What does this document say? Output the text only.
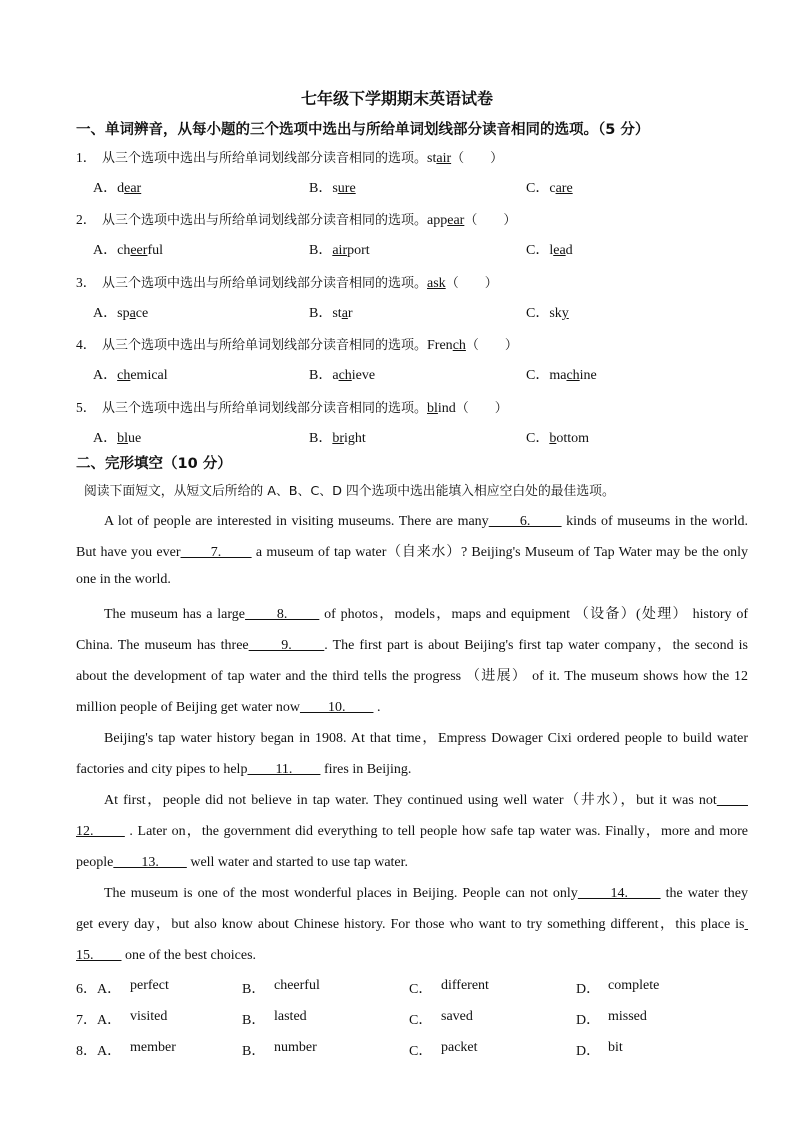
七年级下学期期末英语试卷
一、单词辨音，从每小题的三个选项中选出与所给单词划线部分读音相同的选项。（5 分）
1． 从三个选项中选出与所给单词划线部分读音相同的选项。stair（　　）
A．dear	B．sure	C．care
2． 从三个选项中选出与所给单词划线部分读音相同的选项。appear（　　）
A．cheerful	B．airport	C．lead
3． 从三个选项中选出与所给单词划线部分读音相同的选项。ask（　　）
A．space	B．star	C．sky
4． 从三个选项中选出与所给单词划线部分读音相同的选项。French（　　）
A．chemical	B．achieve	C．machine
5． 从三个选项中选出与所给单词划线部分读音相同的选项。blind（　　）
A．blue	B．bright	C．bottom
二、完形填空（10 分）
阅读下面短文，从短文后所给的 A、B、C、D 四个选项中选出能填入相应空白处的最佳选项。
A lot of people are interested in visiting museums. There are many　　6.　　 kinds of museums in the world.
But have you ever　　7.　　 a museum of tap water（自来水）? Beijing's Museum of Tap Water may be the only
one in the world.
The museum has a large　　8.　　 of photos，models，maps and equipment （设备）(处理） history of
China. The museum has three　　9.　　. The first part is about Beijing's first tap water company，the second is
about the development of tap water and the third tells the progress （进展） of it. The museum shows how the 12
million people of Beijing get water now　　10.　　 .
Beijing's tap water history began in 1908. At that time，Empress Dowager Cixi ordered people to build water
factories and city pipes to help　　11.　　 fires in Beijing.
At first，people did not believe in tap water. They continued using well water（井水），but it was not　　
12.　　 . Later on，the government did everything to tell people how safe tap water was. Finally，more and more
people　　13.　　 well water and started to use tap water.
The museum is one of the most wonderful places in Beijing. People can not only　　14.　　 the water they
get every day，but also know about Chinese history. For those who want to try something different，this place is
15.　　 one of the best choices.
6．A． perfect	B． cheerful	C． different	D． complete
7．A． visited	B． lasted	C． saved	D． missed
8．A． member	B． number	C． packet	D． bit
